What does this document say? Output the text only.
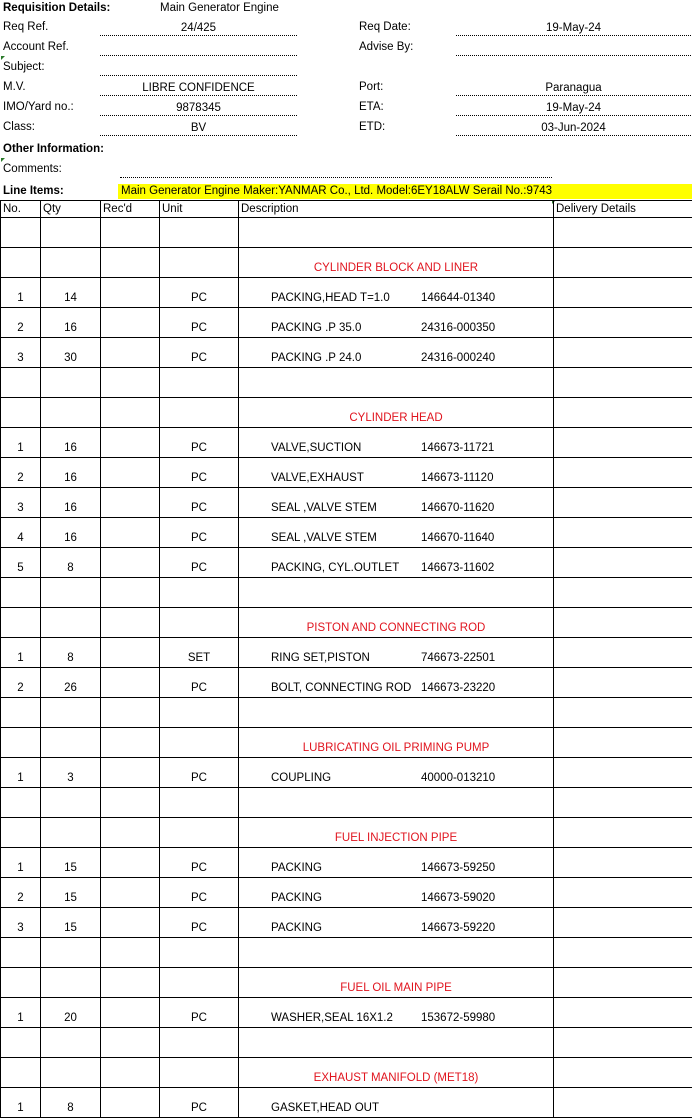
Requisition Details:	Main Generator Engine
Req Ref.	24/425	Req Date:	19-May-24
Account Ref.	Advise By:
Subject:
M.V.	LIBRE CONFIDENCE	Port:	Paranagua
IMO/Yard no.:	9878345	ETA:	19-May-24
Class:	BV	ETD:	03-Jun-2024
Other Information:
Comments:
Line Items:	Main Generator Engine Maker:YANMAR Co., Ltd. Model:6EY18ALW Serail No.:9743
No.	Qty	Rec'd	Unit	Description	Delivery Details

				CYLINDER BLOCK AND LINER	
1	14		PC	PACKING,HEAD T=1.0 146644-01340	

2	16		PC	PACKING .P 35.0 24316-000350	

3	30		PC	PACKING .P 24.0 24316-000240	

				CYLINDER HEAD	
1	16		PC	VALVE,SUCTION 146673-11721	

2	16		PC	VALVE,EXHAUST 146673-11120	

3	16		PC	SEAL ,VALVE STEM 146670-11620	

4	16		PC	SEAL ,VALVE STEM 146670-11640	

5	8		PC	PACKING, CYL.OUTLET 146673-11602	

				PISTON AND CONNECTING ROD	
1	8		SET	RING SET,PISTON 746673-22501	

2	26		PC	BOLT, CONNECTING ROD 146673-23220	

				LUBRICATING OIL PRIMING PUMP	
1	3		PC	COUPLING 40000-013210	

				FUEL INJECTION PIPE	
1	15		PC	PACKING 146673-59250	

2	15		PC	PACKING 146673-59020	

3	15		PC	PACKING 146673-59220	

				FUEL OIL MAIN PIPE	
1	20		PC	WASHER,SEAL 16X1.2 153672-59980	

				EXHAUST MANIFOLD (MET18)	
1	8		PC	GASKET,HEAD OUT	
